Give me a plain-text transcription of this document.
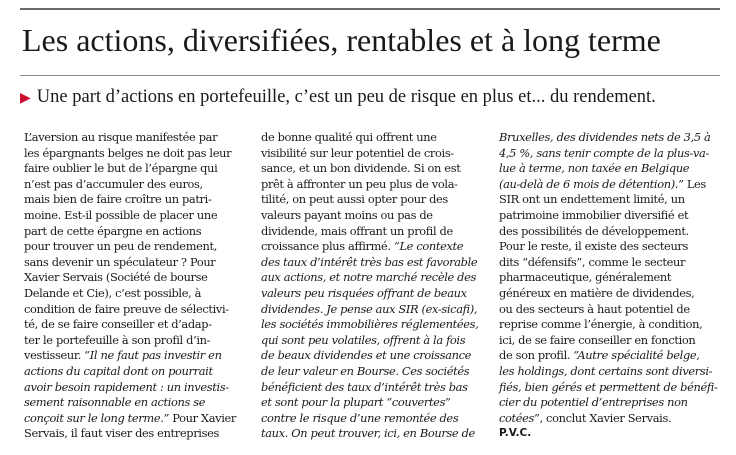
Les actions, diversifiées, rentables et à long terme
▶ Une part d’actions en portefeuille, c’est un peu de risque en plus et... du rendement.
L’aversion au risque manifestée par
les épargnants belges ne doit pas leur
faire oublier le but de l’épargne qui
n’est pas d’accumuler des euros,
mais bien de faire croître un patri-
moine. Est-il possible de placer une
part de cette épargne en actions
pour trouver un peu de rendement,
sans devenir un spéculateur ? Pour
Xavier Servais (Société de bourse
Delande et Cie), c’est possible, à
condition de faire preuve de sélectivi-
té, de se faire conseiller et d’adap-
ter le portefeuille à son profil d’in-
vestisseur. “Il ne faut pas investir en
actions du capital dont on pourrait
avoir besoin rapidement : un investis-
sement raisonnable en actions se
conçoit sur le long terme.” Pour Xavier
Servais, il faut viser des entreprises
de bonne qualité qui offrent une
visibilité sur leur potentiel de crois-
sance, et un bon dividende. Si on est
prêt à affronter un peu plus de vola-
tilité, on peut aussi opter pour des
valeurs payant moins ou pas de
dividende, mais offrant un profil de
croissance plus affirmé. “Le contexte
des taux d’intérêt très bas est favorable
aux actions, et notre marché recèle des
valeurs peu risquées offrant de beaux
dividendes. Je pense aux SIR (ex-sicafi),
les sociétés immobilières réglementées,
qui sont peu volatiles, offrent à la fois
de beaux dividendes et une croissance
de leur valeur en Bourse. Ces sociétés
bénéficient des taux d’intérêt très bas
et sont pour la plupart “couvertes”
contre le risque d’une remontée des
taux. On peut trouver, ici, en Bourse de
Bruxelles, des dividendes nets de 3,5 à
4,5 %, sans tenir compte de la plus-va-
lue à terme, non taxée en Belgique
(au-delà de 6 mois de détention).” Les
SIR ont un endettement limité, un
patrimoine immobilier diversifié et
des possibilités de développement.
Pour le reste, il existe des secteurs
dits “défensifs”, comme le secteur
pharmaceutique, généralement
généreux en matière de dividendes,
ou des secteurs à haut potentiel de
reprise comme l’énergie, à condition,
ici, de se faire conseiller en fonction
de son profil. “Autre spécialité belge,
les holdings, dont certains sont diversi-
fiés, bien gérés et permettent de bénéfi-
cier du potentiel d’entreprises non
cotées”, conclut Xavier Servais.
P.V.C.
